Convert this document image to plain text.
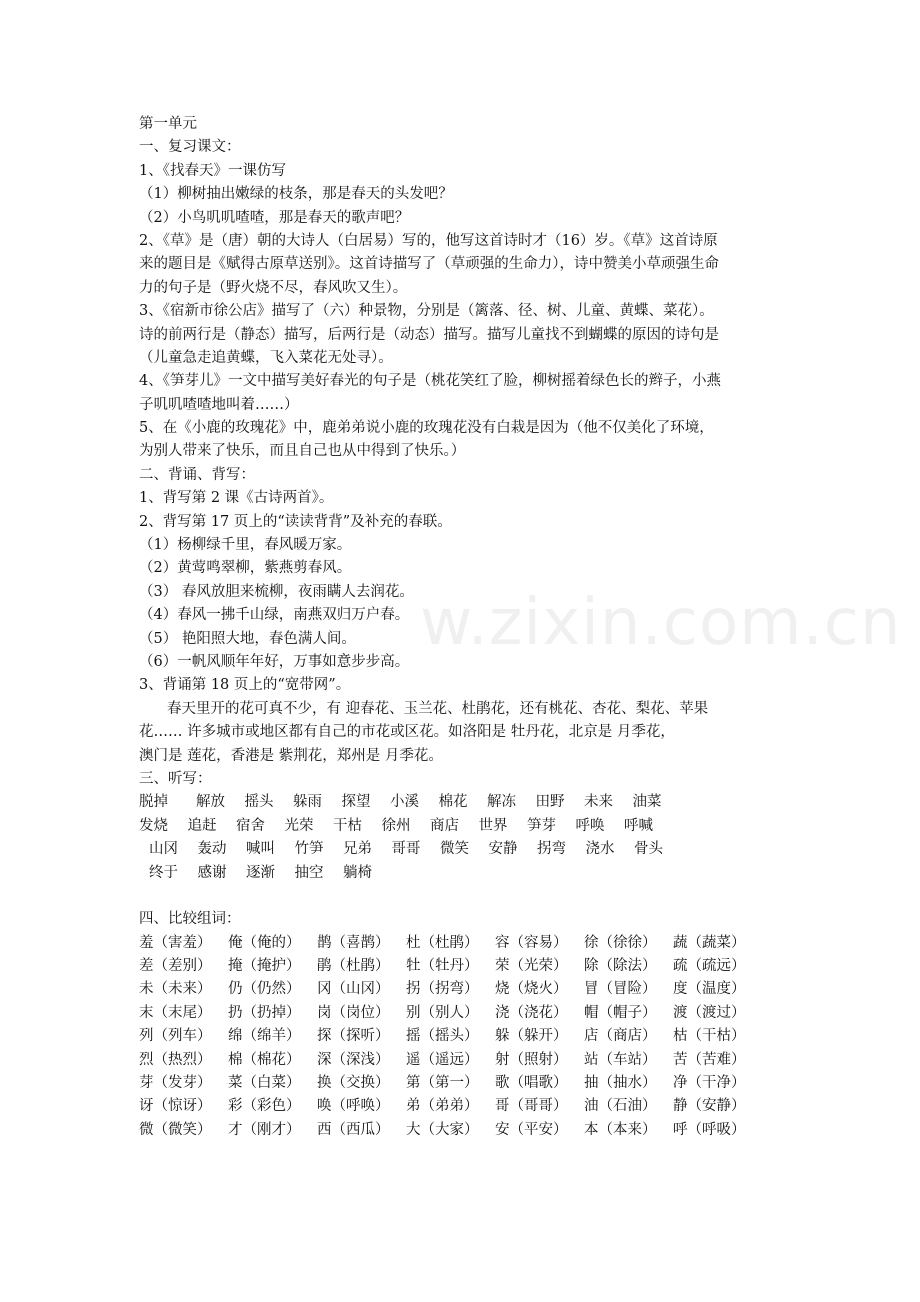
w.zixin.com.cn
第一单元
一、复习课文：
1、《找春天》一课仿写
（1）柳树抽出嫩绿的枝条，那是春天的头发吧？
（2）小鸟叽叽喳喳，那是春天的歌声吧？
2、《草》是（唐）朝的大诗人（白居易）写的，他写这首诗时才（16）岁。《草》这首诗原
来的题目是《赋得古原草送别》。这首诗描写了（草顽强的生命力），诗中赞美小草顽强生命
力的句子是（野火烧不尽，春风吹又生）。
3、《宿新市徐公店》描写了（六）种景物，分别是（篱落、径、树、儿童、黄蝶、菜花）。
诗的前两行是（静态）描写，后两行是（动态）描写。描写儿童找不到蝴蝶的原因的诗句是
（儿童急走追黄蝶，飞入菜花无处寻）。
4、《笋芽儿》一文中描写美好春光的句子是（桃花笑红了脸，柳树摇着绿色长的辫子，小燕
子叽叽喳喳地叫着……）
5、在《小鹿的玫瑰花》中，鹿弟弟说小鹿的玫瑰花没有白栽是因为（他不仅美化了环境，
为别人带来了快乐，而且自己也从中得到了快乐。）
二、背诵、背写：
1、背写第 2 课《古诗两首》。
2、背写第 17 页上的“读读背背”及补充的春联。
（1）杨柳绿千里，春风暖万家。
（2）黄莺鸣翠柳，紫燕剪春风。
（3） 春风放胆来梳柳，夜雨瞒人去润花。
（4）春风一拂千山绿，南燕双归万户春。
（5） 艳阳照大地，春色满人间。
（6）一帆风顺年年好，万事如意步步高。
3、背诵第 18 页上的“宽带网”。
春天里开的花可真不少，有 迎春花、玉兰花、杜鹃花，还有桃花、杏花、梨花、苹果
花…… 许多城市或地区都有自己的市花或区花。如洛阳是 牡丹花，北京是 月季花，
澳门是 莲花，香港是 紫荆花，郑州是 月季花。
三、听写：
脱掉	解放	摇头	躲雨	探望	小溪	棉花	解冻	田野	未来	油菜
发烧	追赶	宿舍	光荣	干枯	徐州	商店	世界	笋芽	呼唤	呼喊
山冈	轰动	喊叫	竹笋	兄弟	哥哥	微笑	安静	拐弯	浇水	骨头
终于	感谢	逐渐	抽空	躺椅
四、比较组词：
羞（害羞）	俺（俺的）	鹊（喜鹊）	杜（杜鹃）	容（容易）	徐（徐徐）	蔬（蔬菜）
差（差别）	掩（掩护）	鹃（杜鹃）	牡（牡丹）	荣（光荣）	除（除法）	疏（疏远）
未（未来）	仍（仍然）	冈（山冈）	拐（拐弯）	烧（烧火）	冒（冒险）	度（温度）
末（末尾）	扔（扔掉）	岗（岗位）	别（别人）	浇（浇花）	帽（帽子）	渡（渡过）
列（列车）	绵（绵羊）	探（探听）	摇（摇头）	躲（躲开）	店（商店）	枯（干枯）
烈（热烈）	棉（棉花）	深（深浅）	遥（遥远）	射（照射）	站（车站）	苦（苦难）
芽（发芽）	菜（白菜）	换（交换）	第（第一）	歌（唱歌）	抽（抽水）	净（干净）
讶（惊讶）	彩（彩色）	唤（呼唤）	弟（弟弟）	哥（哥哥）	油（石油）	静（安静）
微（微笑）	才（刚才）	西（西瓜）	大（大家）	安（平安）	本（本来）	呼（呼吸）
